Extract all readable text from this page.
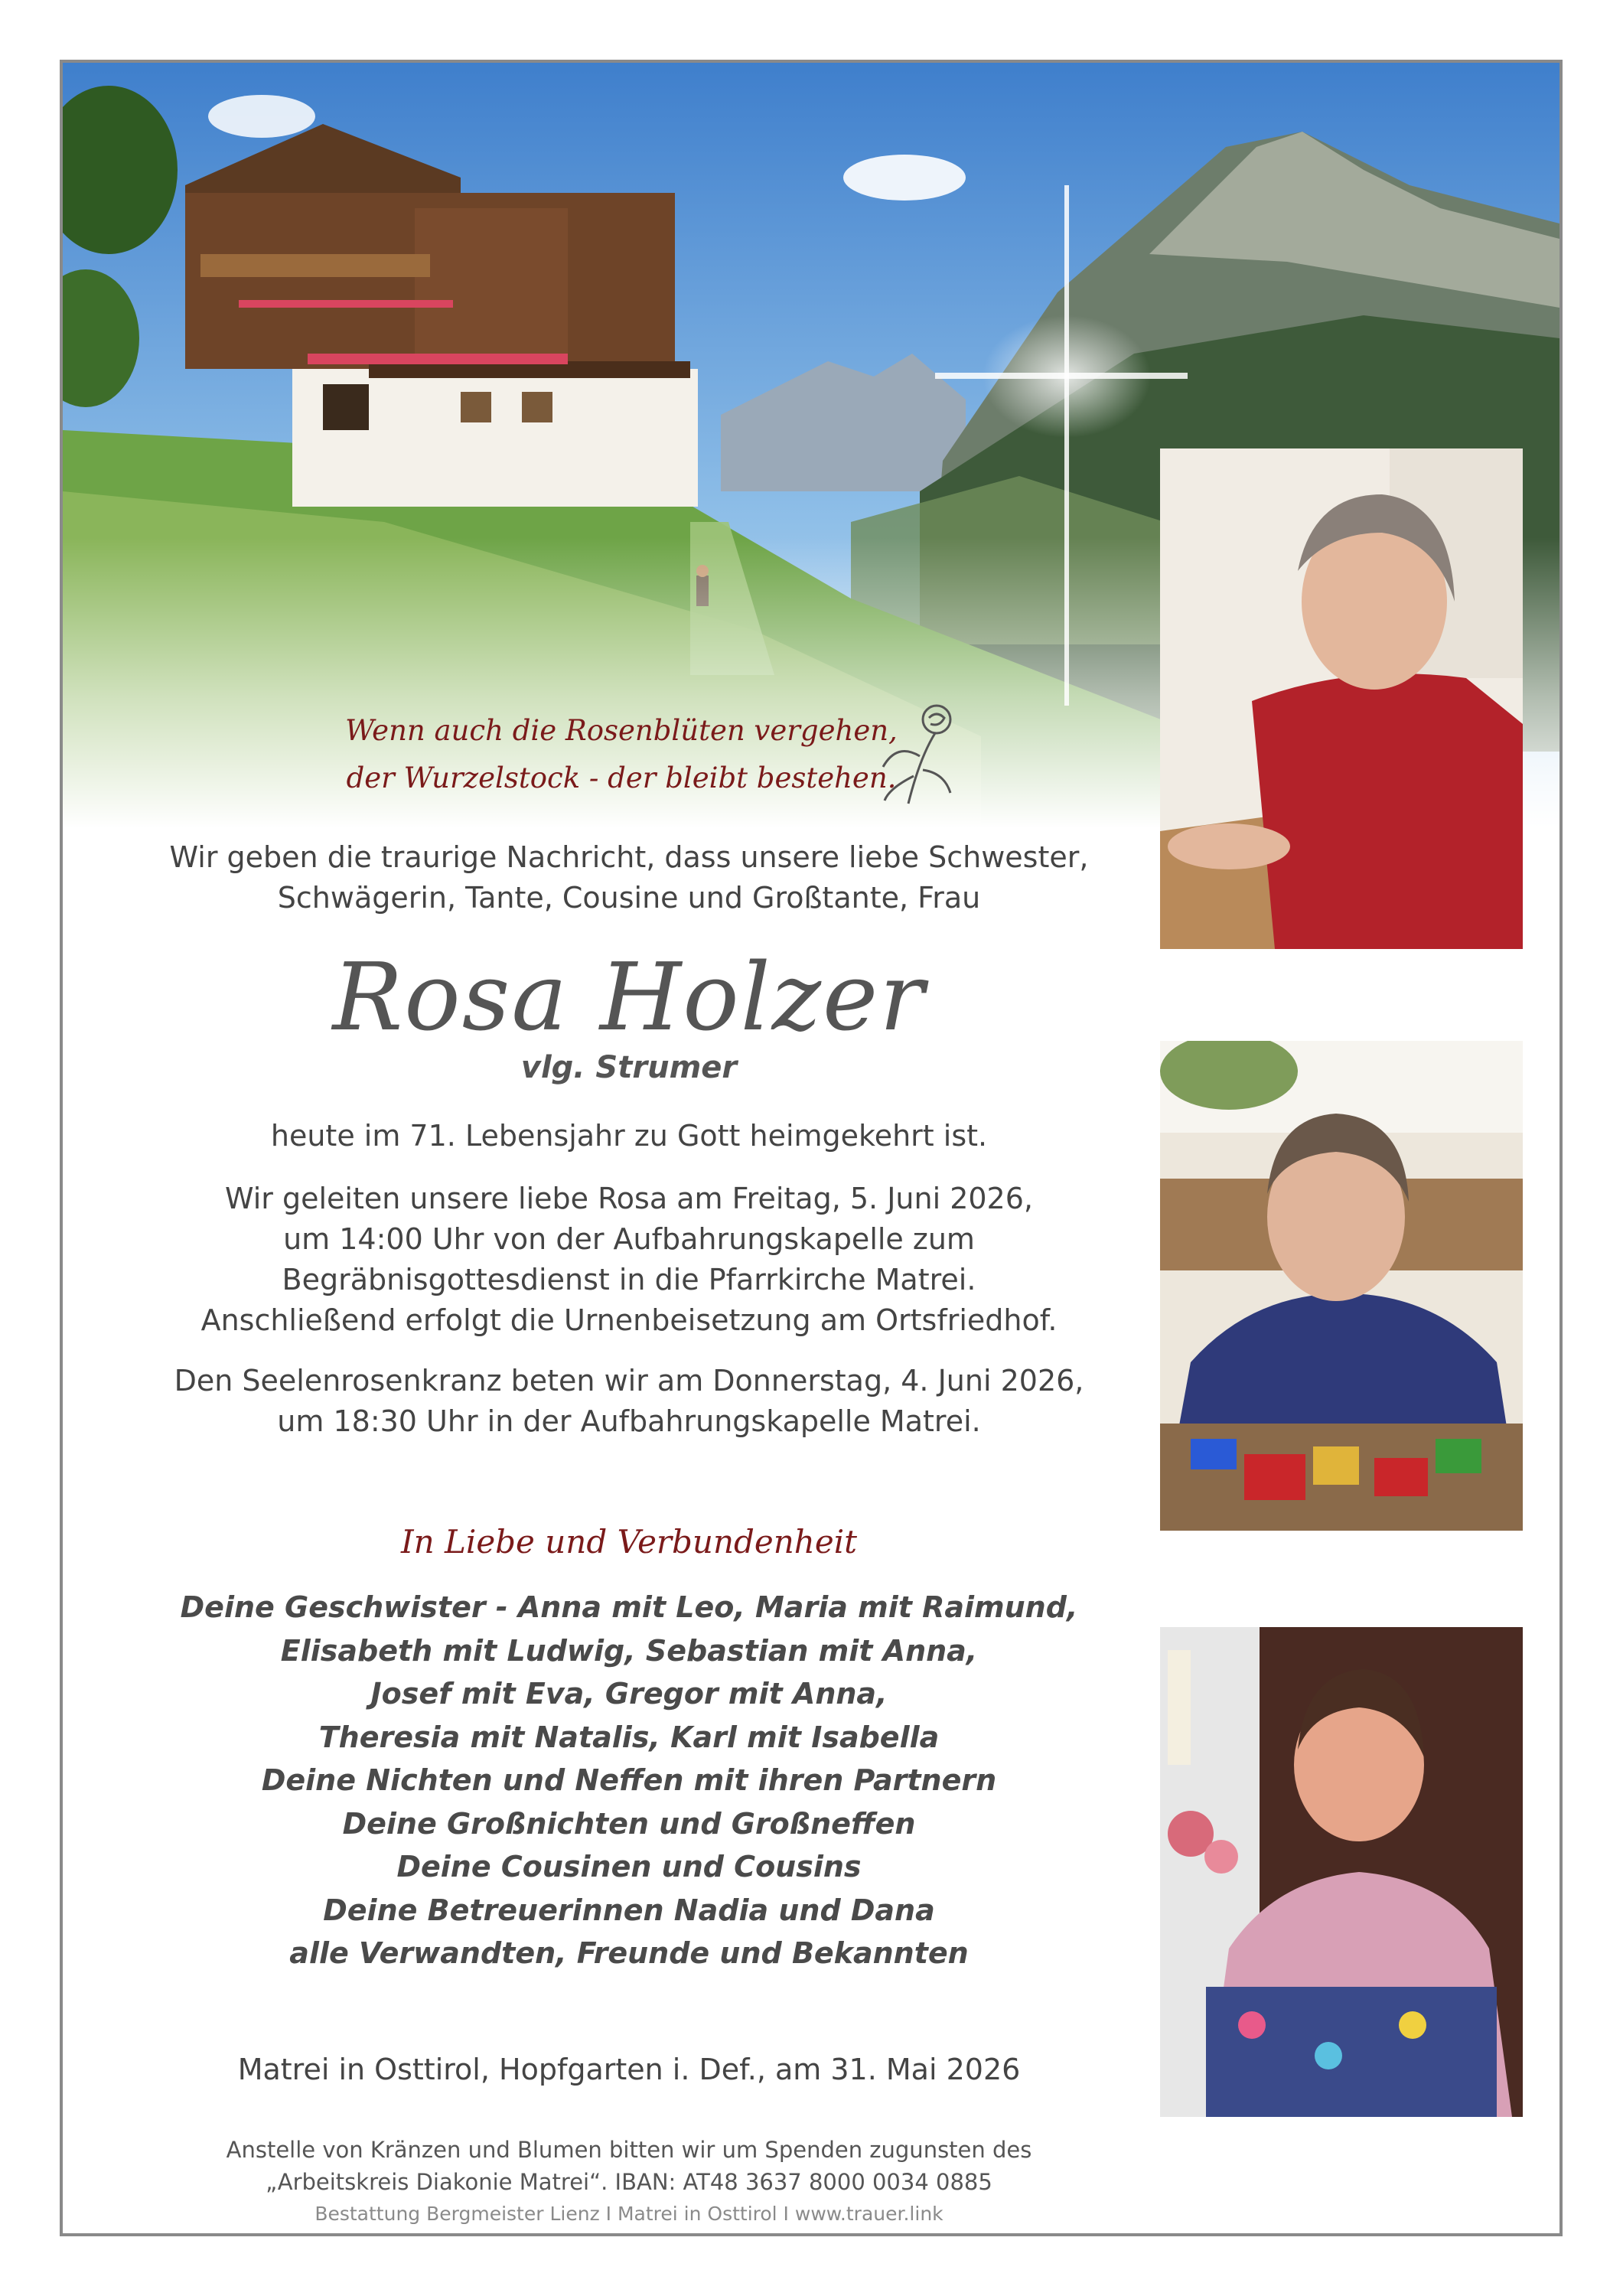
Wenn auch die Rosenblüten vergehen,
der Wurzelstock - der bleibt bestehen.
Wir geben die traurige Nachricht, dass unsere liebe Schwester,
Schwägerin, Tante, Cousine und Großtante, Frau
Rosa Holzer
vlg. Strumer
heute im 71. Lebensjahr zu Gott heimgekehrt ist.
Wir geleiten unsere liebe Rosa am Freitag, 5. Juni 2026,
um 14:00 Uhr von der Aufbahrungskapelle zum
Begräbnisgottesdienst in die Pfarrkirche Matrei.
Anschließend erfolgt die Urnenbeisetzung am Ortsfriedhof.
Den Seelenrosenkranz beten wir am Donnerstag, 4. Juni 2026,
um 18:30 Uhr in der Aufbahrungskapelle Matrei.
In Liebe und Verbundenheit
Deine Geschwister - Anna mit Leo, Maria mit Raimund,
Elisabeth mit Ludwig, Sebastian mit Anna,
Josef mit Eva, Gregor mit Anna,
Theresia mit Natalis, Karl mit Isabella
Deine Nichten und Neffen mit ihren Partnern
Deine Großnichten und Großneffen
Deine Cousinen und Cousins
Deine Betreuerinnen Nadia und Dana
alle Verwandten, Freunde und Bekannten
Matrei in Osttirol, Hopfgarten i. Def., am 31. Mai 2026
Anstelle von Kränzen und Blumen bitten wir um Spenden zugunsten des
„Arbeitskreis Diakonie Matrei“. IBAN: AT48 3637 8000 0034 0885
Bestattung Bergmeister Lienz I Matrei in Osttirol I www.trauer.link
